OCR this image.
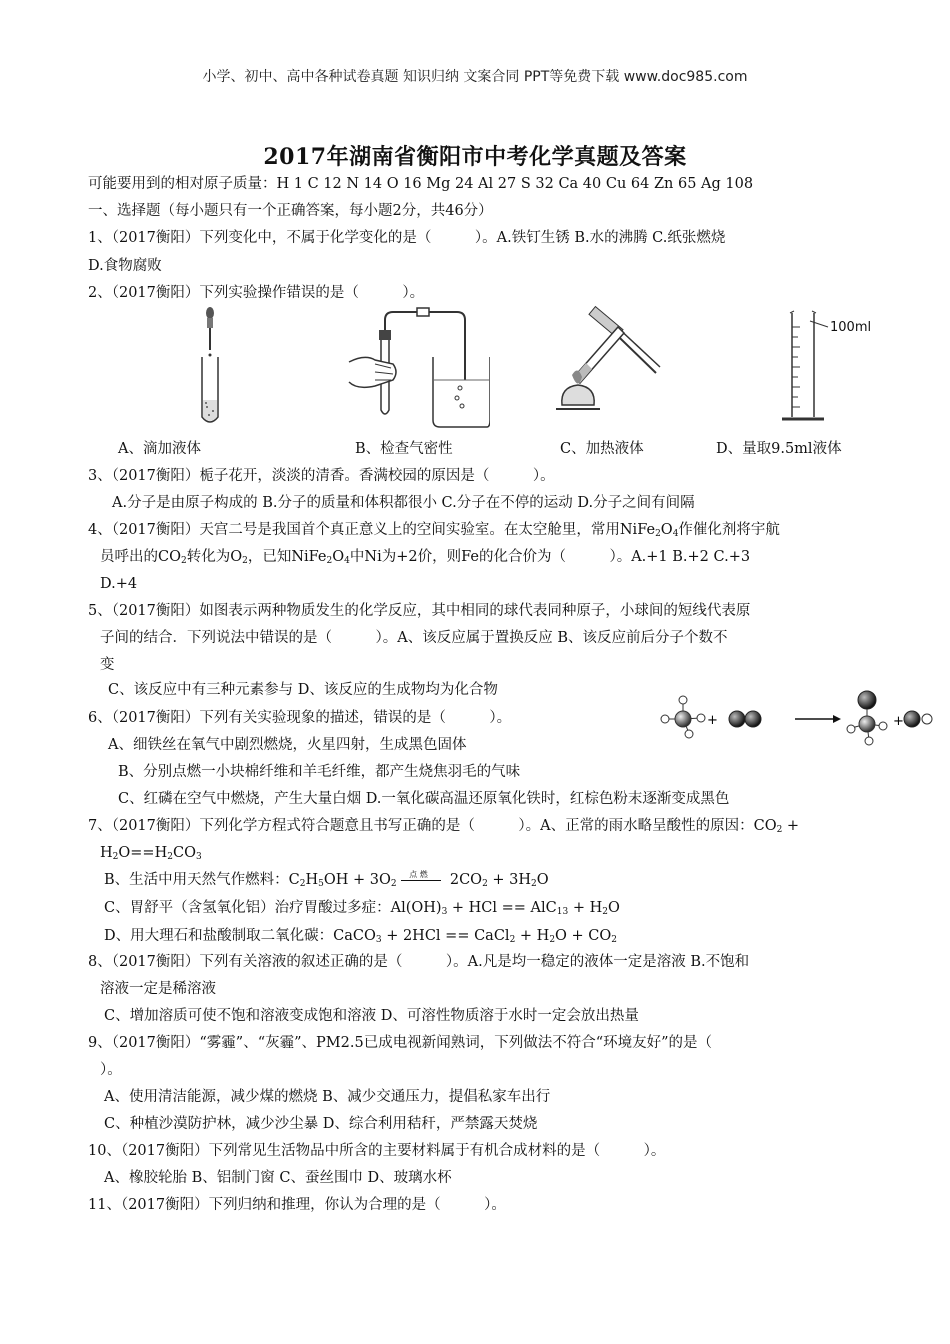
小学、初中、高中各种试卷真题 知识归纳 文案合同 PPT等免费下载 www.doc985.com
2017年湖南省衡阳市中考化学真题及答案
可能要用到的相对原子质量：H 1 C 12 N 14 O 16 Mg 24 Al 27 S 32 Ca 40 Cu 64 Zn 65 Ag 108
一、选择题（每小题只有一个正确答案，每小题2分，共46分）
1、（2017衡阳）下列变化中，不属于化学变化的是（　　　）。A.铁钉生锈 B.水的沸腾 C.纸张燃烧
D.食物腐败
2、（2017衡阳）下列实验操作错误的是（　　　）。
100ml
A、滴加液体	B、检查气密性	C、加热液体	D、量取9.5ml液体
3、（2017衡阳）栀子花开，淡淡的清香。香满校园的原因是（　　　）。
A.分子是由原子构成的 B.分子的质量和体积都很小 C.分子在不停的运动 D.分子之间有间隔
4、（2017衡阳）天宫二号是我国首个真正意义上的空间实验室。在太空舱里，常用$NiFe_2O_4$作催化剂将宇航
员呼出的$CO_2$转化为$O_2$，已知$NiFe_2O_4$中Ni为+2价，则Fe的化合价为（　　　）。A.+1 B.+2 C.+3
D.+4
5、（2017衡阳）如图表示两种物质发生的化学反应，其中相同的球代表同种原子，小球间的短线代表原
子间的结合．下列说法中错误的是（　　　）。A、该反应属于置换反应 B、该反应前后分子个数不
变
C、该反应中有三种元素参与 D、该反应的生成物均为化合物
+	+
6、（2017衡阳）下列有关实验现象的描述，错误的是（　　　）。
A、细铁丝在氧气中剧烈燃烧，火星四射，生成黑色固体
B、分别点燃一小块棉纤维和羊毛纤维，都产生烧焦羽毛的气味
C、红磷在空气中燃烧，产生大量白烟 D.一氧化碳高温还原氧化铁时，红棕色粉末逐渐变成黑色
7、（2017衡阳）下列化学方程式符合题意且书写正确的是（　　　）。A、正常的雨水略呈酸性的原因：$CO_2$ +
$H_2O==H_2CO_3$
B、生活中用天然气作燃料：$C_2H_5OH + 3O_2$
点 燃 $2CO_2 + 3H_2O$
C、胃舒平（含氢氧化铝）治疗胃酸过多症：$Al(OH)_3$ + HCl == $AlC_{13} + H_2O$
D、用大理石和盐酸制取二氧化碳：CaCO$_3$ + 2HCl == CaCl$_2$ + $H_2O + CO_2$
8、（2017衡阳）下列有关溶液的叙述正确的是（　　　）。A.凡是均一稳定的液体一定是溶液 B.不饱和
溶液一定是稀溶液
C、增加溶质可使不饱和溶液变成饱和溶液 D、可溶性物质溶于水时一定会放出热量
9、（2017衡阳）“雾霾”、“灰霾”、PM2.5已成电视新闻熟词，下列做法不符合“环境友好”的是（
）。
A、使用清洁能源，减少煤的燃烧 B、减少交通压力，提倡私家车出行
C、种植沙漠防护林，减少沙尘暴 D、综合利用秸秆，严禁露天焚烧
10、（2017衡阳）下列常见生活物品中所含的主要材料属于有机合成材料的是（　　　）。
A、橡胶轮胎 B、铝制门窗 C、蚕丝围巾 D、玻璃水杯
11、（2017衡阳）下列归纳和推理，你认为合理的是（　　　）。
